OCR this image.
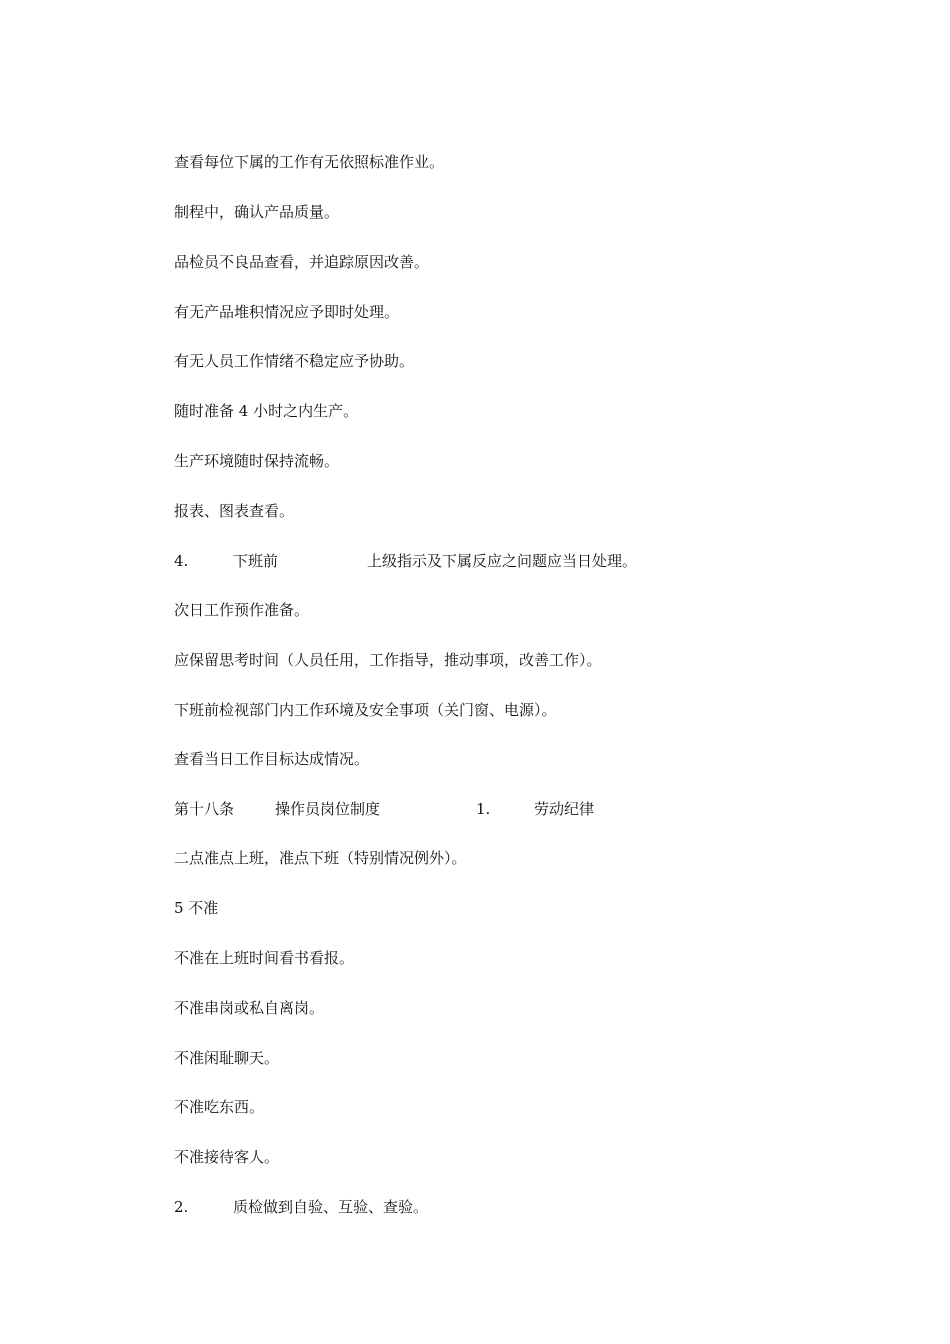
查看每位下属的工作有无依照标准作业。
制程中，确认产品质量。
品检员不良品查看，并追踪原因改善。
有无产品堆积情况应予即时处理。
有无人员工作情绪不稳定应予协助。
随时准备 4 小时之内生产。
生产环境随时保持流畅。
报表、图表查看。
4.	下班前	上级指示及下属反应之问题应当日处理。
次日工作预作准备。
应保留思考时间（人员任用，工作指导，推动事项，改善工作）。
下班前检视部门内工作环境及安全事项（关门窗、电源）。
查看当日工作目标达成情况。
第十八条	操作员岗位制度	1.	劳动纪律
二点准点上班，准点下班（特别情况例外）。
5 不准
不准在上班时间看书看报。
不准串岗或私自离岗。
不准闲耻聊天。
不准吃东西。
不准接待客人。
2.	质检做到自验、互验、查验。
